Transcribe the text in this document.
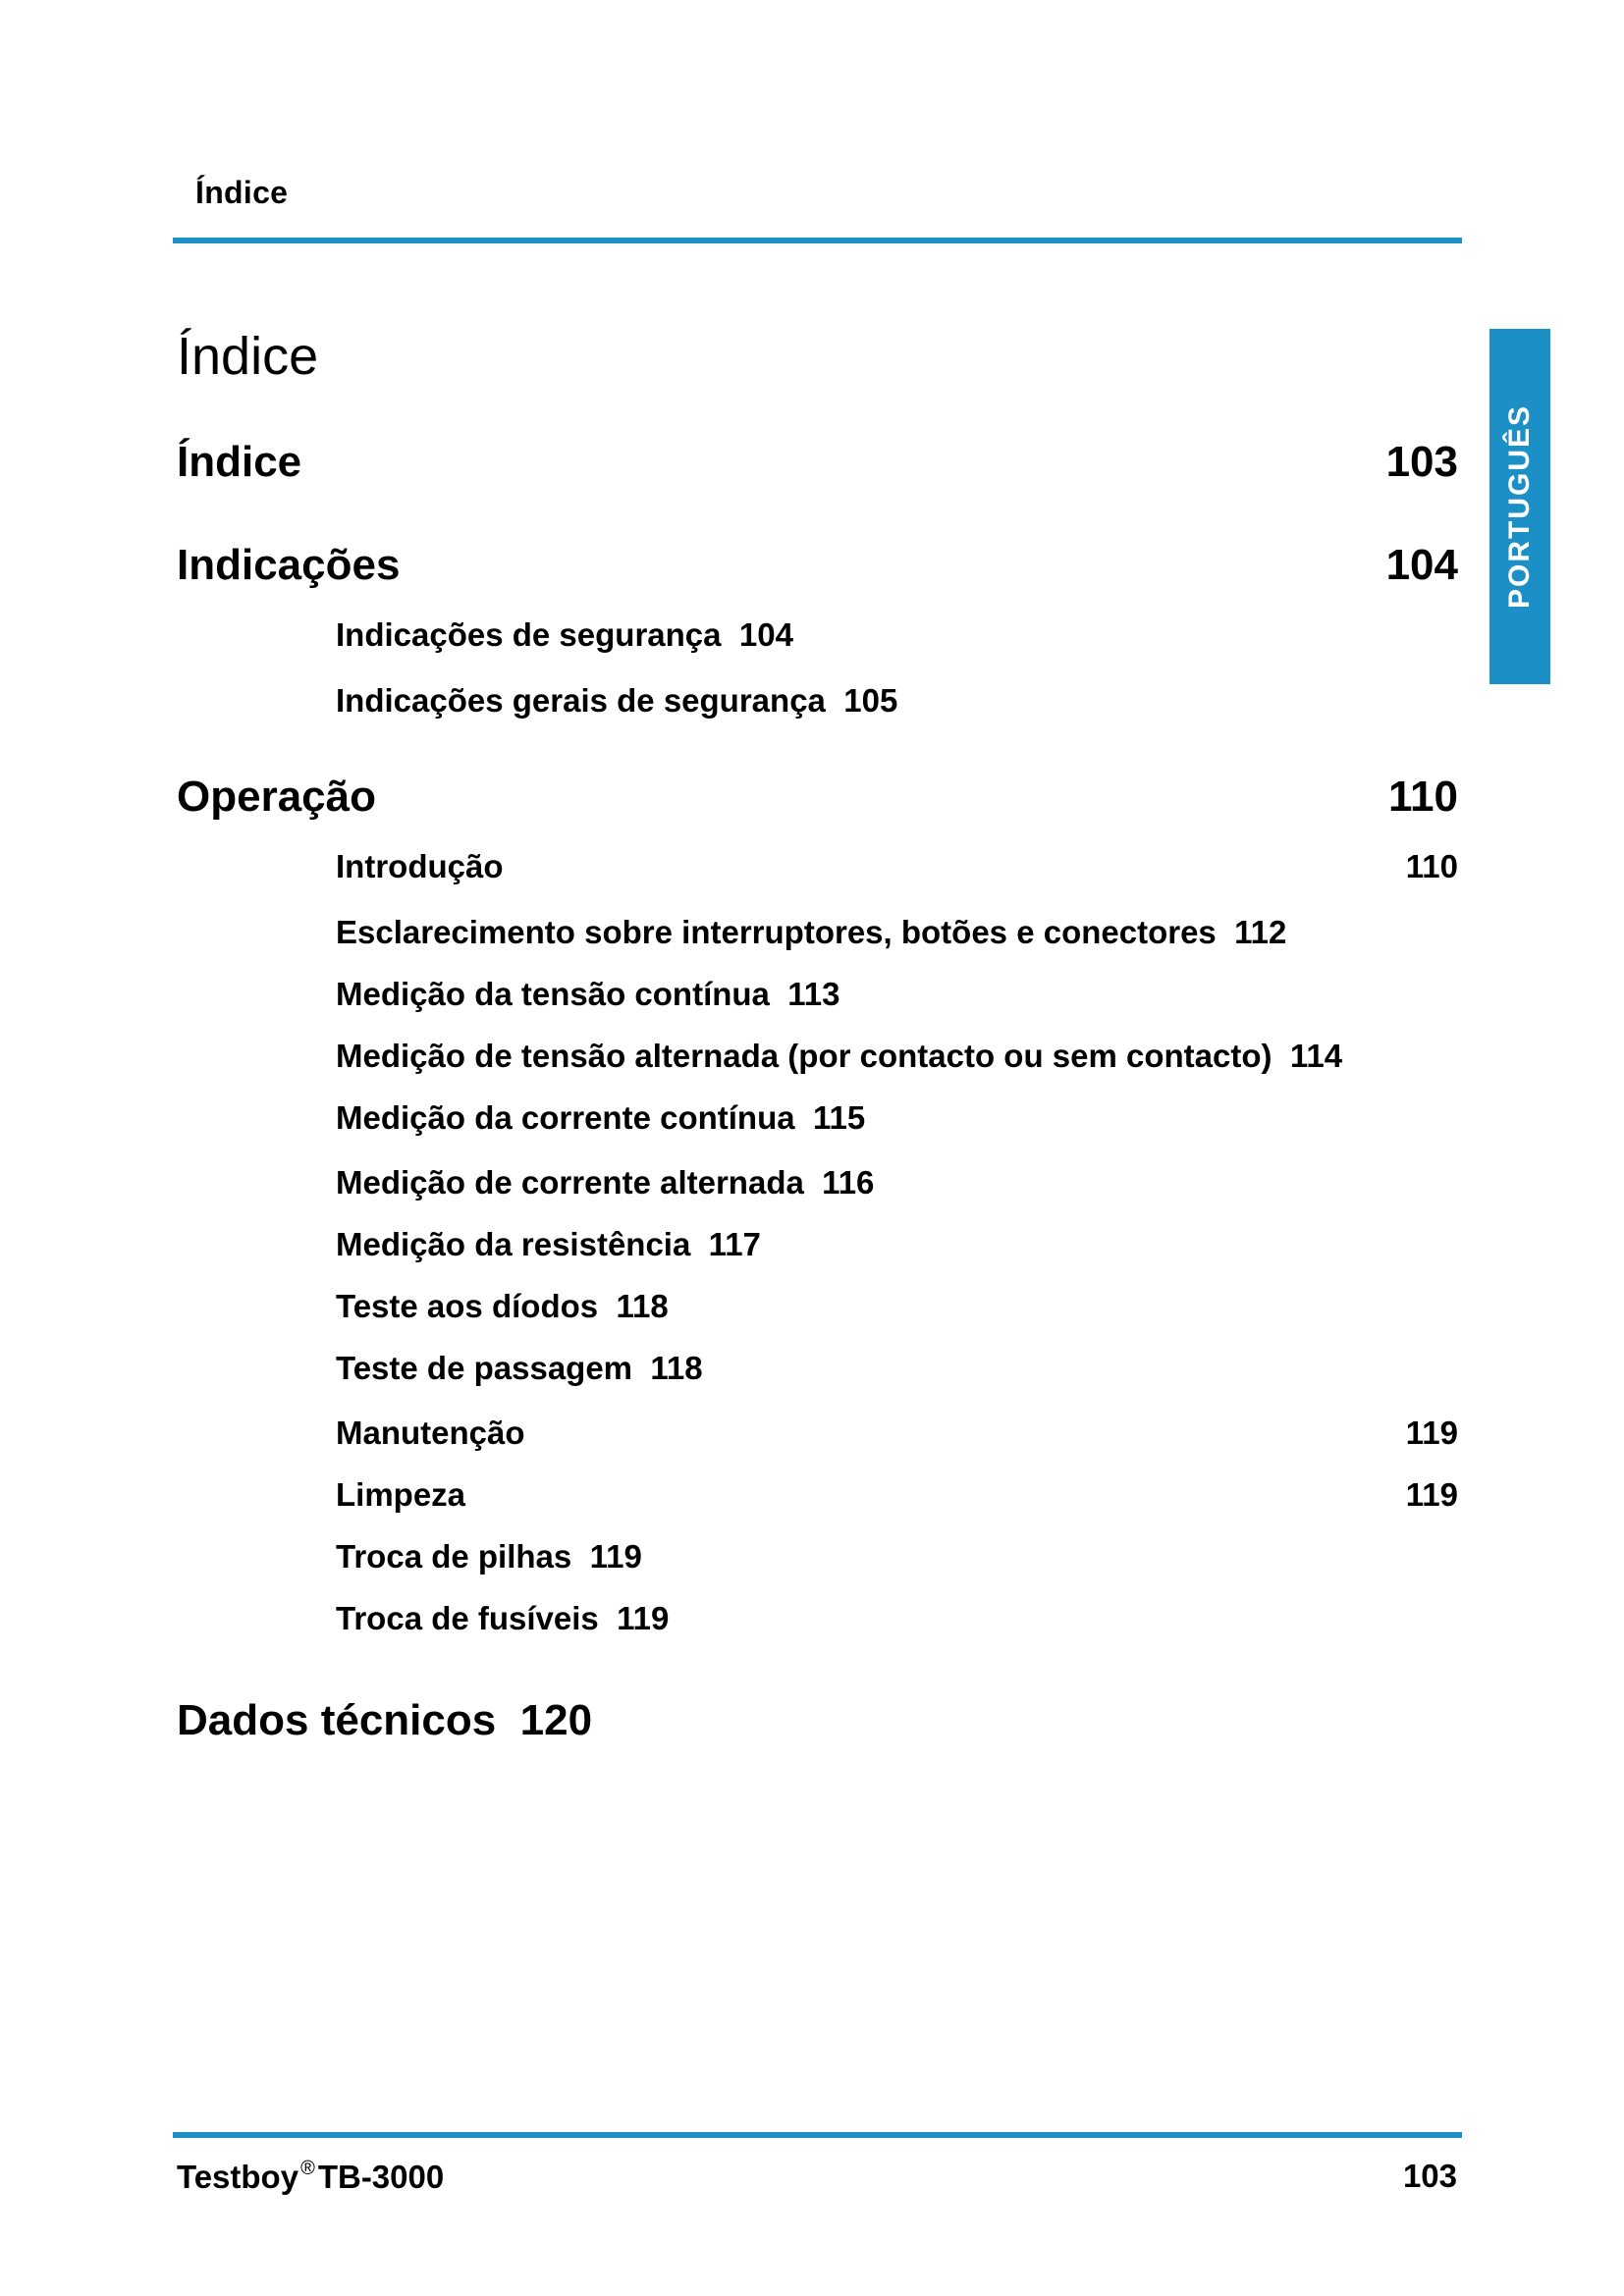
Índice
Índice
PORTUGUÊS
Índice	103
Indicações	104
Indicações de segurança 104
Indicações gerais de segurança 105
Operação	110
Introdução	110
Esclarecimento sobre interruptores, botões e conectores 112
Medição da tensão contínua 113
Medição de tensão alternada (por contacto ou sem contacto) 114
Medição da corrente contínua 115
Medição de corrente alternada 116
Medição da resistência 117
Teste aos díodos 118
Teste de passagem 118
Manutenção	119
Limpeza	119
Troca de pilhas 119
Troca de fusíveis 119
Dados técnicos 120
Testboy ®TB-3000	103
